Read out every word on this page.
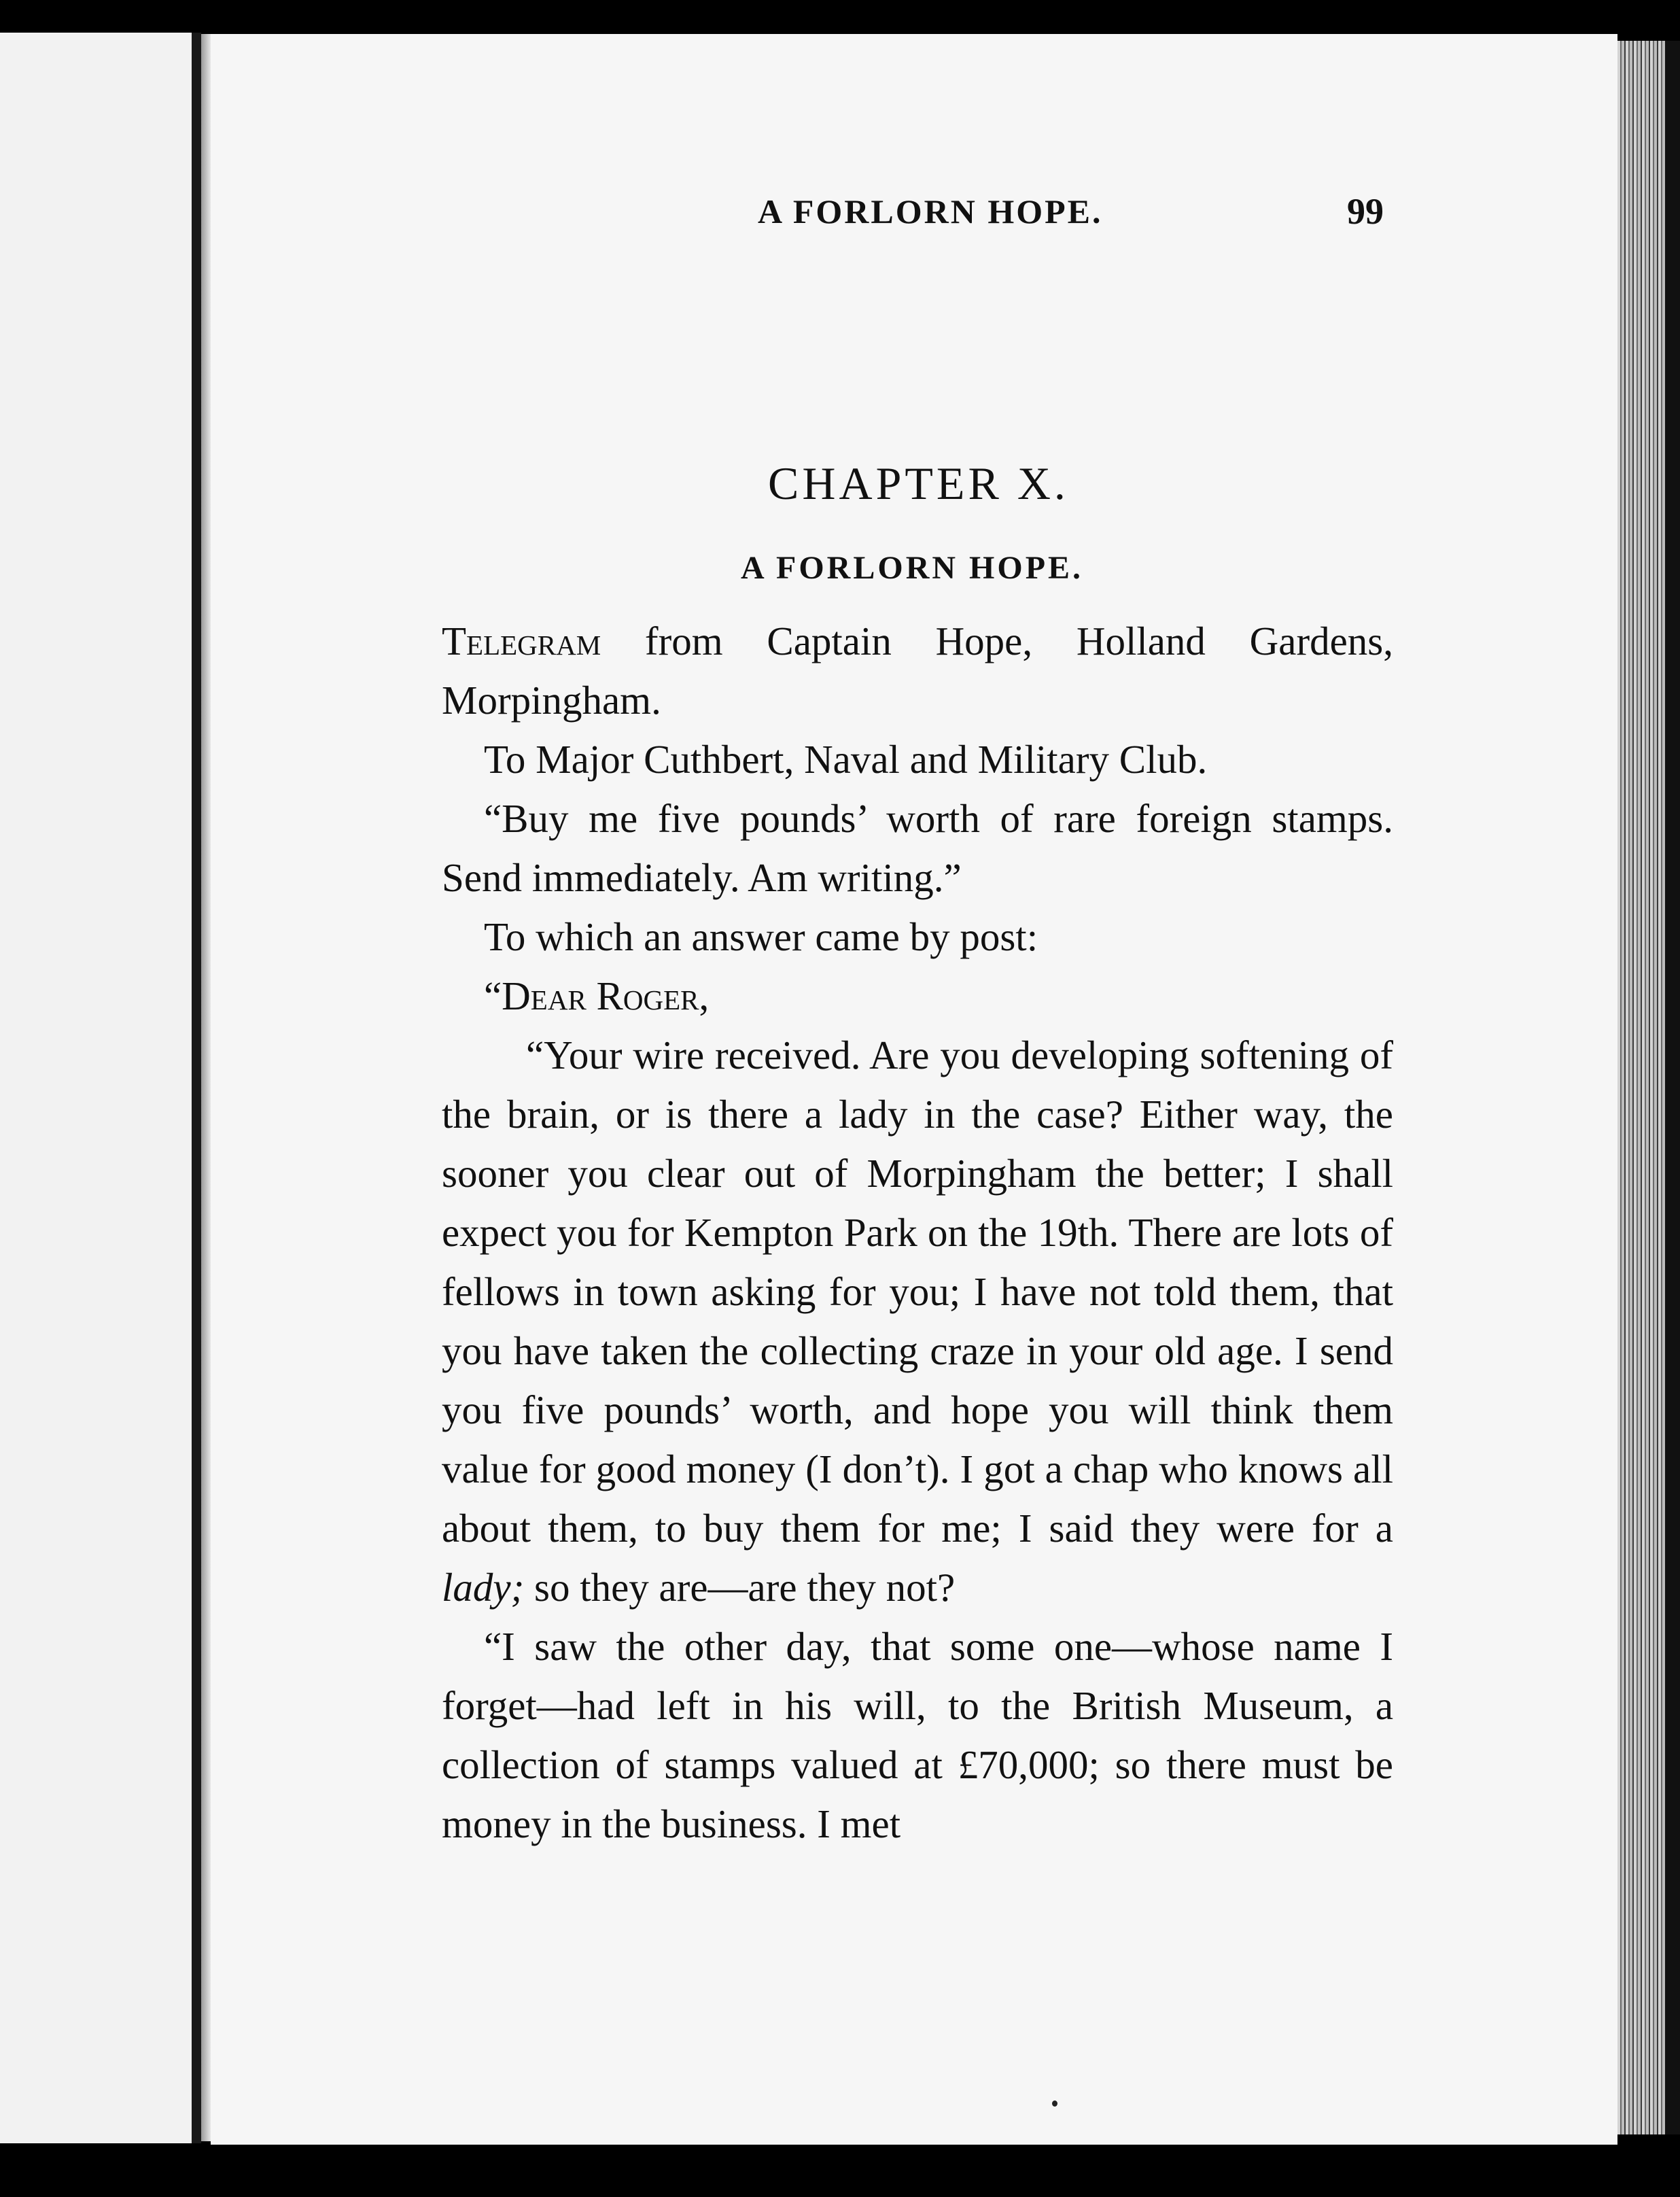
A FORLORN HOPE.	99
CHAPTER X.
A FORLORN HOPE.

Telegram from Captain Hope, Holland Gardens, Morpingham.

To Major Cuthbert, Naval and Military Club.

“Buy me five pounds’ worth of rare foreign stamps. Send immediately. Am writing.”

To which an answer came by post:

“Dear Roger,

“Your wire received. Are you developing softening of the brain, or is there a lady in the case? Either way, the sooner you clear out of Morpingham the better; I shall expect you for Kempton Park on the 19th. There are lots of fellows in town asking for you; I have not told them, that you have taken the collecting craze in your old age. I send you five pounds’ worth, and hope you will think them value for good money (I don’t). I got a chap who knows all about them, to buy them for me; I said they were for a lady; so they are—are they not?

“I saw the other day, that some one—whose name I forget—had left in his will, to the British Museum, a collection of stamps valued at £70,000; so there must be money in the business. I met
